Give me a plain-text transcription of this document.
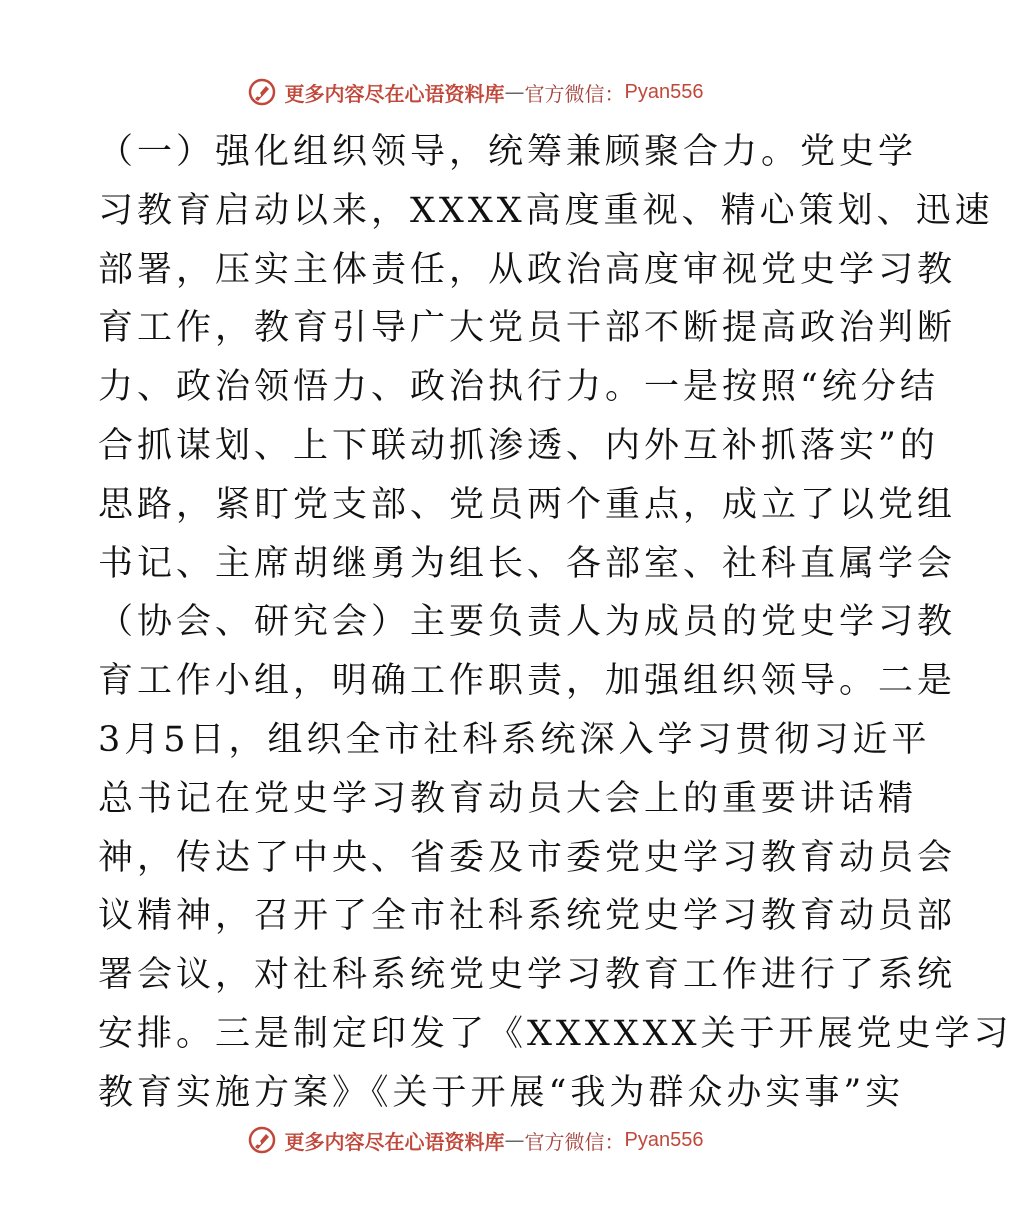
更多内容尽在心语资料库 — 官方微信： Pyan556
（一）强化组织领导，统筹兼顾聚合力。党史学
习教育启动以来，XXXX高度重视、精心策划、迅速
部署，压实主体责任，从政治高度审视党史学习教
育工作，教育引导广大党员干部不断提高政治判断
力、政治领悟力、政治执行力。一是按照“统分结
合抓谋划、上下联动抓渗透、内外互补抓落实”的
思路，紧盯党支部、党员两个重点，成立了以党组
书记、主席胡继勇为组长、各部室、社科直属学会
（协会、研究会）主要负责人为成员的党史学习教
育工作小组，明确工作职责，加强组织领导。二是
3月5日，组织全市社科系统深入学习贯彻习近平
总书记在党史学习教育动员大会上的重要讲话精
神，传达了中央、省委及市委党史学习教育动员会
议精神，召开了全市社科系统党史学习教育动员部
署会议，对社科系统党史学习教育工作进行了系统
安排。三是制定印发了《XXXXXX关于开展党史学习
教育实施方案》《关于开展“我为群众办实事”实
更多内容尽在心语资料库 — 官方微信： Pyan556
